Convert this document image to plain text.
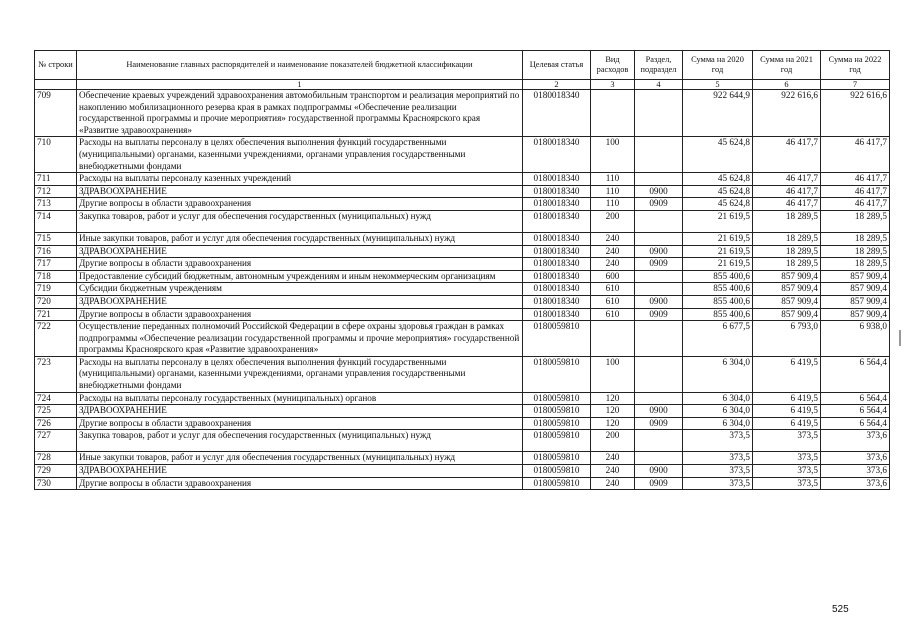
№ строки	Наименование главных распорядителей и наименование показателей бюджетной классификации	Целевая статья	Вид расходов	Раздел, подраздел	Сумма на 2020 год	Сумма на 2021 год	Сумма на 2022 год
	1	2	3	4	5	6	7
709	Обеспечение краевых учреждений здравоохранения автомобильным транспортом и реализация мероприятий по накоплению мобилизационного резерва края в рамках подпрограммы «Обеспечение реализации государственной программы и прочие мероприятия» государственной программы Красноярского края «Развитие здравоохранения»	0180018340			922 644,9	922 616,6	922 616,6
710	Расходы на выплаты персоналу в целях обеспечения выполнения функций государственными (муниципальными) органами, казенными учреждениями, органами управления государственными внебюджетными фондами	0180018340	100		45 624,8	46 417,7	46 417,7
711	Расходы на выплаты персоналу казенных учреждений	0180018340	110		45 624,8	46 417,7	46 417,7
712	ЗДРАВООХРАНЕНИЕ	0180018340	110	0900	45 624,8	46 417,7	46 417,7
713	Другие вопросы в области здравоохранения	0180018340	110	0909	45 624,8	46 417,7	46 417,7
714	Закупка товаров, работ и услуг для обеспечения государственных (муниципальных) нужд	0180018340	200		21 619,5	18 289,5	18 289,5
715	Иные закупки товаров, работ и услуг для обеспечения государственных (муниципальных) нужд	0180018340	240		21 619,5	18 289,5	18 289,5
716	ЗДРАВООХРАНЕНИЕ	0180018340	240	0900	21 619,5	18 289,5	18 289,5
717	Другие вопросы в области здравоохранения	0180018340	240	0909	21 619,5	18 289,5	18 289,5
718	Предоставление субсидий бюджетным, автономным учреждениям и иным некоммерческим организациям	0180018340	600		855 400,6	857 909,4	857 909,4
719	Субсидии бюджетным учреждениям	0180018340	610		855 400,6	857 909,4	857 909,4
720	ЗДРАВООХРАНЕНИЕ	0180018340	610	0900	855 400,6	857 909,4	857 909,4
721	Другие вопросы в области здравоохранения	0180018340	610	0909	855 400,6	857 909,4	857 909,4
722	Осуществление переданных полномочий Российской Федерации в сфере охраны здоровья граждан в рамках подпрограммы «Обеспечение реализации государственной программы и прочие мероприятия» государственной программы Красноярского края «Развитие здравоохранения»	0180059810			6 677,5	6 793,0	6 938,0
723	Расходы на выплаты персоналу в целях обеспечения выполнения функций государственными (муниципальными) органами, казенными учреждениями, органами управления государственными внебюджетными фондами	0180059810	100		6 304,0	6 419,5	6 564,4
724	Расходы на выплаты персоналу государственных (муниципальных) органов	0180059810	120		6 304,0	6 419,5	6 564,4
725	ЗДРАВООХРАНЕНИЕ	0180059810	120	0900	6 304,0	6 419,5	6 564,4
726	Другие вопросы в области здравоохранения	0180059810	120	0909	6 304,0	6 419,5	6 564,4
727	Закупка товаров, работ и услуг для обеспечения государственных (муниципальных) нужд	0180059810	200		373,5	373,5	373,6
728	Иные закупки товаров, работ и услуг для обеспечения государственных (муниципальных) нужд	0180059810	240		373,5	373,5	373,6
729	ЗДРАВООХРАНЕНИЕ	0180059810	240	0900	373,5	373,5	373,6
730	Другие вопросы в области здравоохранения	0180059810	240	0909	373,5	373,5	373,6
525
